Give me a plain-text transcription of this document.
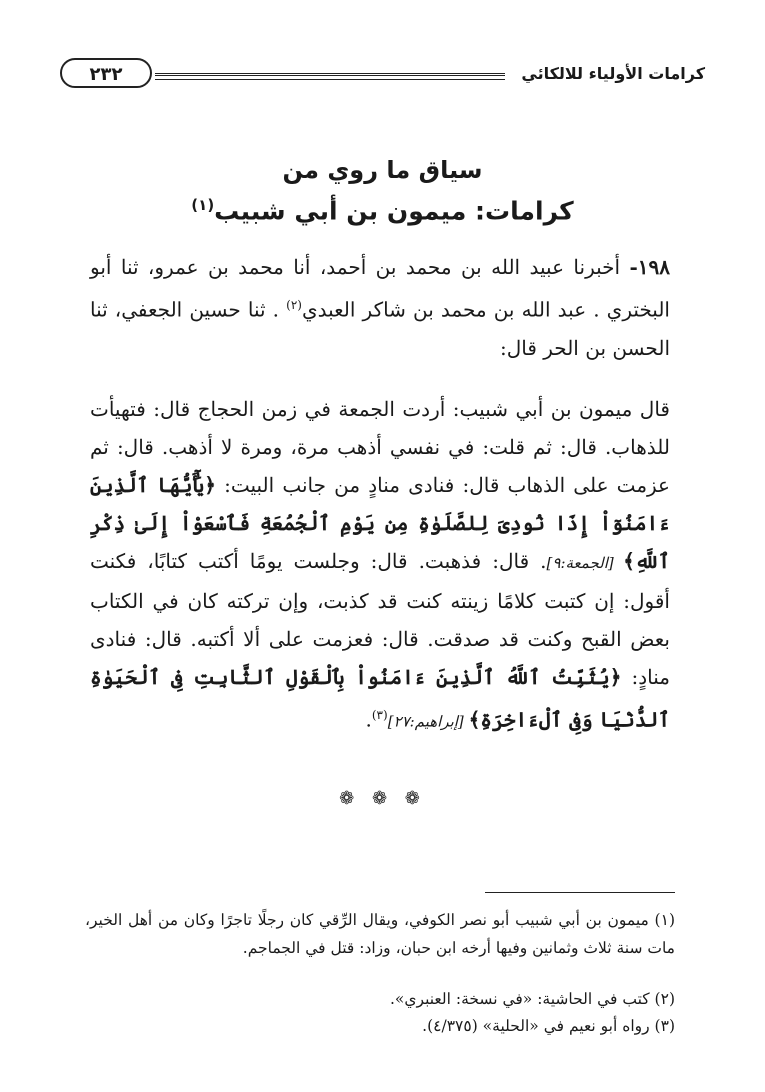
كرامات الأولياء للالكائي
٢٣٢
سياق ما روي من
كرامات: ميمون بن أبي شبيب$^{(١)}$
١٩٨- أخبرنا عبيد الله بن محمد بن أحمد، أنا محمد بن عمرو، ثنا أبو البختري . عبد الله بن محمد بن شاكر العبدي$^{(٢)}$ . ثنا حسين الجعفي، ثنا الحسن بن الحر قال:
قال ميمون بن أبي شبيب: أردت الجمعة في زمن الحجاج قال: فتهيأت للذهاب. قال: ثم قلت: في نفسي أذهب مرة، ومرة لا أذهب. قال: ثم عزمت على الذهاب قال: فنادى منادٍ من جانب البيت: ﴿يَٰٓأَيُّهَا ٱلَّذِينَ ءَامَنُوٓاْ إِذَا نُودِىَ لِلصَّلَوٰةِ مِن يَوْمِ ٱلْجُمُعَةِ فَٱسْعَوْاْ إِلَىٰ ذِكْرِ ٱللَّهِ﴾ [الجمعة:٩]. قال: فذهبت. قال: وجلست يومًا أكتب كتابًا، فكنت أقول: إن كتبت كلامًا زينته كنت قد كذبت، وإن تركته كان في الكتاب بعض القبح وكنت قد صدقت. قال: فعزمت على ألا أكتبه. قال: فنادى منادٍ: ﴿يُثَبِّتُ ٱللَّهُ ٱلَّذِينَ ءَامَنُواْ بِٱلْقَوْلِ ٱلثَّابِتِ فِى ٱلْحَيَوٰةِ ٱلدُّنْيَا وَفِى ٱلْءَاخِرَةِ﴾ [إبراهيم:٢٧]$^{(٣)}$.
❁ ❁ ❁
(١) ميمون بن أبي شبيب أبو نصر الكوفي، ويقال الرِّقي كان رجلًا تاجرًا وكان من أهل الخير، مات سنة ثلاث وثمانين وفيها أرخه ابن حبان، وزاد: قتل في الجماجم.
(٢) كتب في الحاشية: «في نسخة: العنبري».
(٣) رواه أبو نعيم في «الحلية» (٤/٣٧٥).
